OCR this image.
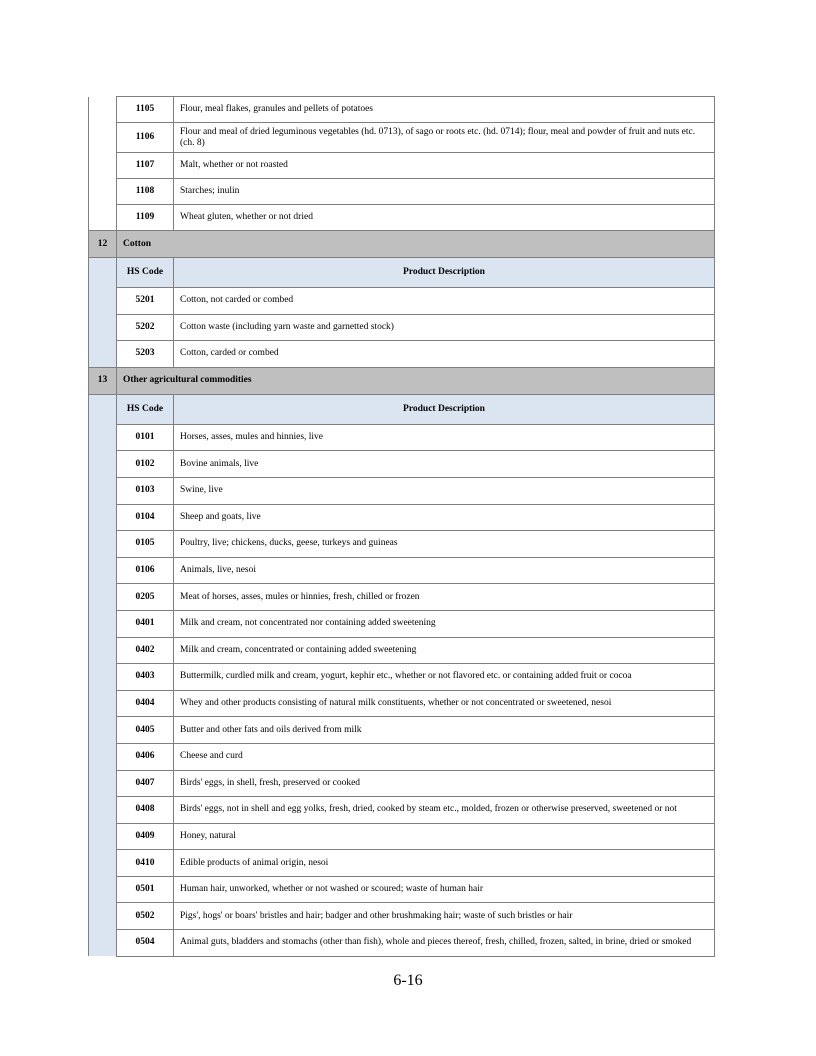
	1105	Flour, meal flakes, granules and pellets of potatoes
	1106	Flour and meal of dried leguminous vegetables (hd. 0713), of sago or roots etc. (hd. 0714); flour, meal and powder of fruit and nuts etc. (ch. 8)
	1107	Malt, whether or not roasted
	1108	Starches; inulin
	1109	Wheat gluten, whether or not dried
12	Cotton	
	HS Code	Product Description
	5201	Cotton, not carded or combed
	5202	Cotton waste (including yarn waste and garnetted stock)
	5203	Cotton, carded or combed
13	Other agricultural commodities	
	HS Code	Product Description
	0101	Horses, asses, mules and hinnies, live
	0102	Bovine animals, live
	0103	Swine, live
	0104	Sheep and goats, live
	0105	Poultry, live; chickens, ducks, geese, turkeys and guineas
	0106	Animals, live, nesoi
	0205	Meat of horses, asses, mules or hinnies, fresh, chilled or frozen
	0401	Milk and cream, not concentrated nor containing added sweetening
	0402	Milk and cream, concentrated or containing added sweetening
	0403	Buttermilk, curdled milk and cream, yogurt, kephir etc., whether or not flavored etc. or containing added fruit or cocoa
	0404	Whey and other products consisting of natural milk constituents, whether or not concentrated or sweetened, nesoi
	0405	Butter and other fats and oils derived from milk
	0406	Cheese and curd
	0407	Birds' eggs, in shell, fresh, preserved or cooked
	0408	Birds' eggs, not in shell and egg yolks, fresh, dried, cooked by steam etc., molded, frozen or otherwise preserved, sweetened or not
	0409	Honey, natural
	0410	Edible products of animal origin, nesoi
	0501	Human hair, unworked, whether or not washed or scoured; waste of human hair
	0502	Pigs', hogs' or boars' bristles and hair; badger and other brushmaking hair; waste of such bristles or hair
	0504	Animal guts, bladders and stomachs (other than fish), whole and pieces thereof, fresh, chilled, frozen, salted, in brine, dried or smoked
6-16
